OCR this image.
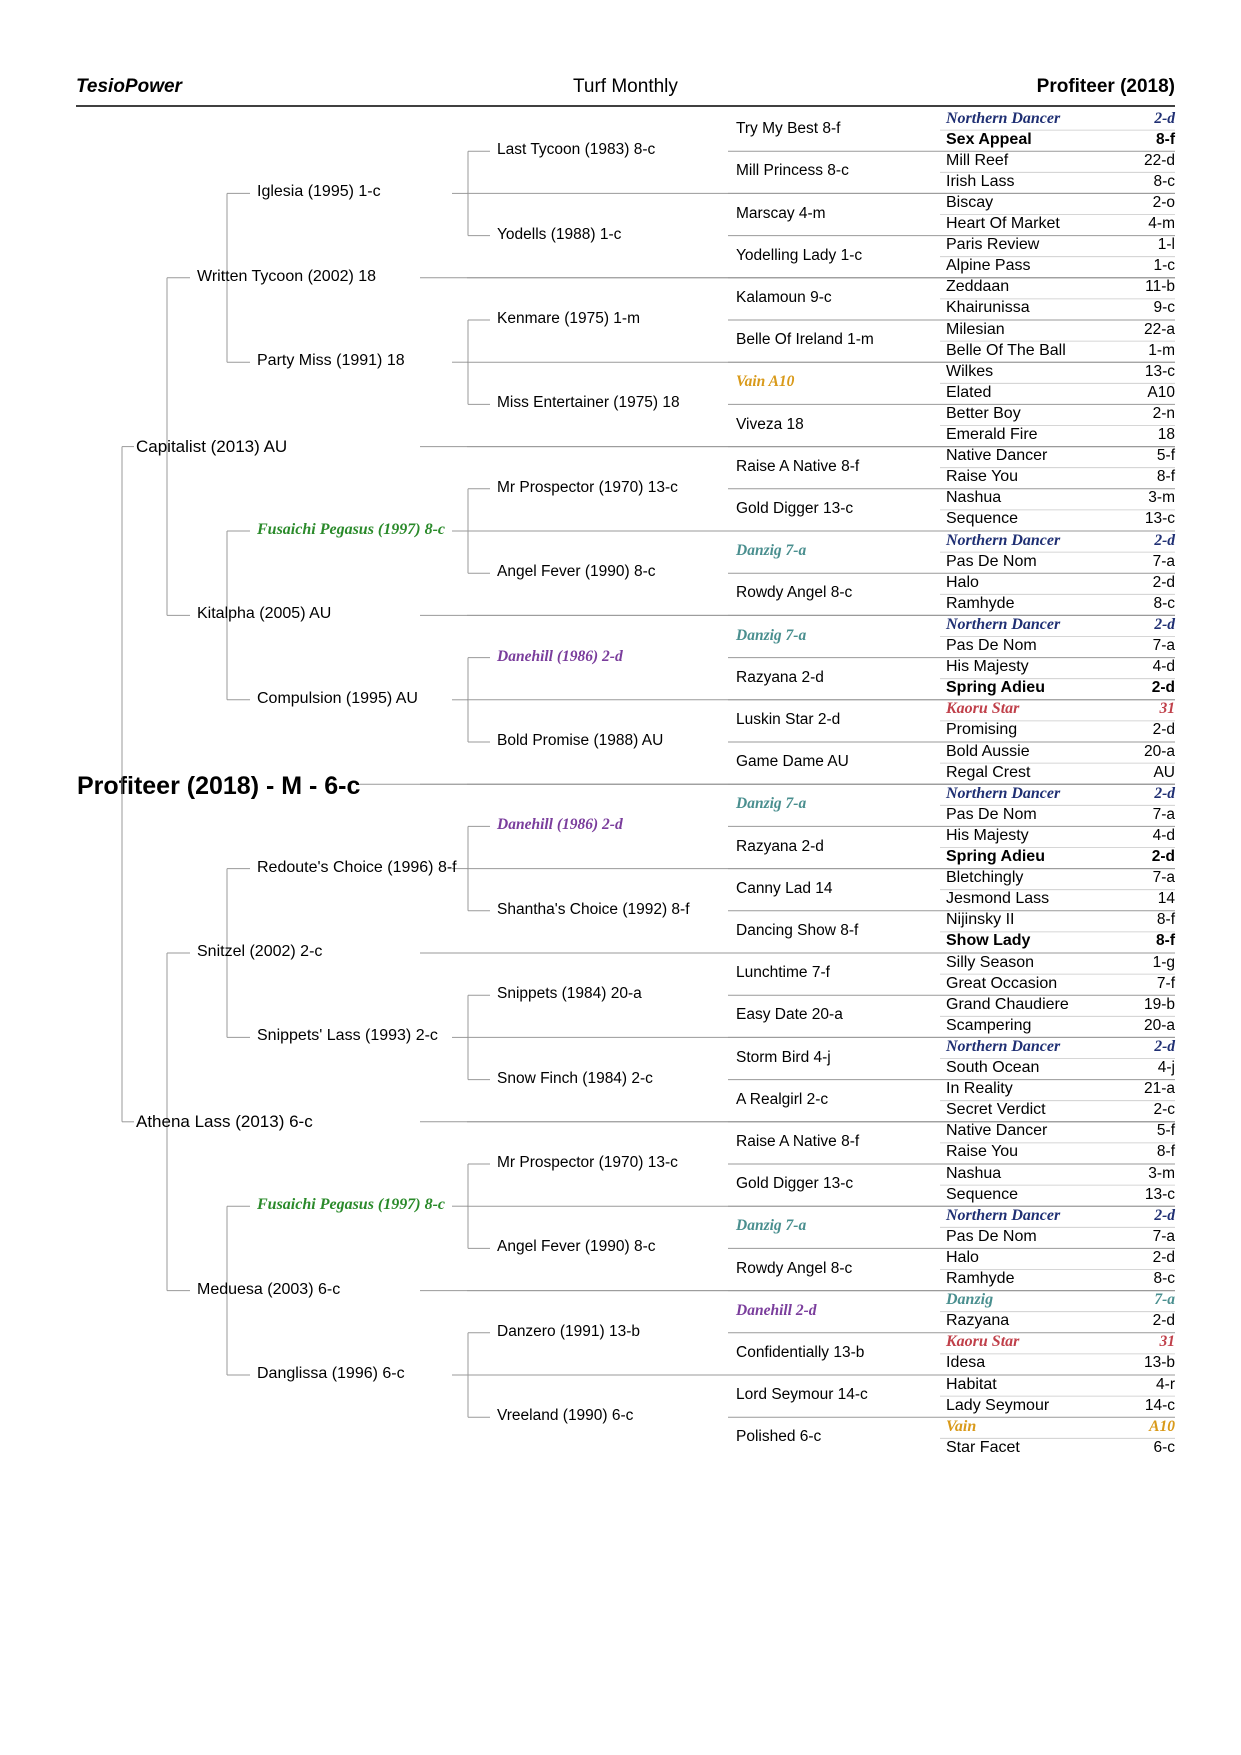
TesioPower	Turf Monthly	Profiteer (2018)
Profiteer (2018) - M - 6-c
Capitalist (2013) AU
Athena Lass (2013) 6-c
Written Tycoon (2002) 18
Kitalpha (2005) AU
Snitzel (2002) 2-c
Meduesa (2003) 6-c
Iglesia (1995) 1-c
Party Miss (1991) 18
Fusaichi Pegasus (1997) 8-c
Compulsion (1995) AU
Redoute's Choice (1996) 8-f
Snippets' Lass (1993) 2-c
Fusaichi Pegasus (1997) 8-c
Danglissa (1996) 6-c
Last Tycoon (1983) 8-c
Yodells (1988) 1-c
Kenmare (1975) 1-m
Miss Entertainer (1975) 18
Mr Prospector (1970) 13-c
Angel Fever (1990) 8-c
Danehill (1986) 2-d
Bold Promise (1988) AU
Danehill (1986) 2-d
Shantha's Choice (1992) 8-f
Snippets (1984) 20-a
Snow Finch (1984) 2-c
Mr Prospector (1970) 13-c
Angel Fever (1990) 8-c
Danzero (1991) 13-b
Vreeland (1990) 6-c
Try My Best 8-f
Mill Princess 8-c
Marscay 4-m
Yodelling Lady 1-c
Kalamoun 9-c
Belle Of Ireland 1-m
Vain A10
Viveza 18
Raise A Native 8-f
Gold Digger 13-c
Danzig 7-a
Rowdy Angel 8-c
Danzig 7-a
Razyana 2-d
Luskin Star 2-d
Game Dame AU
Danzig 7-a
Razyana 2-d
Canny Lad 14
Dancing Show 8-f
Lunchtime 7-f
Easy Date 20-a
Storm Bird 4-j
A Realgirl 2-c
Raise A Native 8-f
Gold Digger 13-c
Danzig 7-a
Rowdy Angel 8-c
Danehill 2-d
Confidentially 13-b
Lord Seymour 14-c
Polished 6-c
Northern Dancer	2-d
Sex Appeal	8-f
Mill Reef	22-d
Irish Lass	8-c
Biscay	2-o
Heart Of Market	4-m
Paris Review	1-l
Alpine Pass	1-c
Zeddaan	11-b
Khairunissa	9-c
Milesian	22-a
Belle Of The Ball	1-m
Wilkes	13-c
Elated	A10
Better Boy	2-n
Emerald Fire	18
Native Dancer	5-f
Raise You	8-f
Nashua	3-m
Sequence	13-c
Northern Dancer	2-d
Pas De Nom	7-a
Halo	2-d
Ramhyde	8-c
Northern Dancer	2-d
Pas De Nom	7-a
His Majesty	4-d
Spring Adieu	2-d
Kaoru Star	31
Promising	2-d
Bold Aussie	20-a
Regal Crest	AU
Northern Dancer	2-d
Pas De Nom	7-a
His Majesty	4-d
Spring Adieu	2-d
Bletchingly	7-a
Jesmond Lass	14
Nijinsky II	8-f
Show Lady	8-f
Silly Season	1-g
Great Occasion	7-f
Grand Chaudiere	19-b
Scampering	20-a
Northern Dancer	2-d
South Ocean	4-j
In Reality	21-a
Secret Verdict	2-c
Native Dancer	5-f
Raise You	8-f
Nashua	3-m
Sequence	13-c
Northern Dancer	2-d
Pas De Nom	7-a
Halo	2-d
Ramhyde	8-c
Danzig	7-a
Razyana	2-d
Kaoru Star	31
Idesa	13-b
Habitat	4-r
Lady Seymour	14-c
Vain	A10
Star Facet	6-c
